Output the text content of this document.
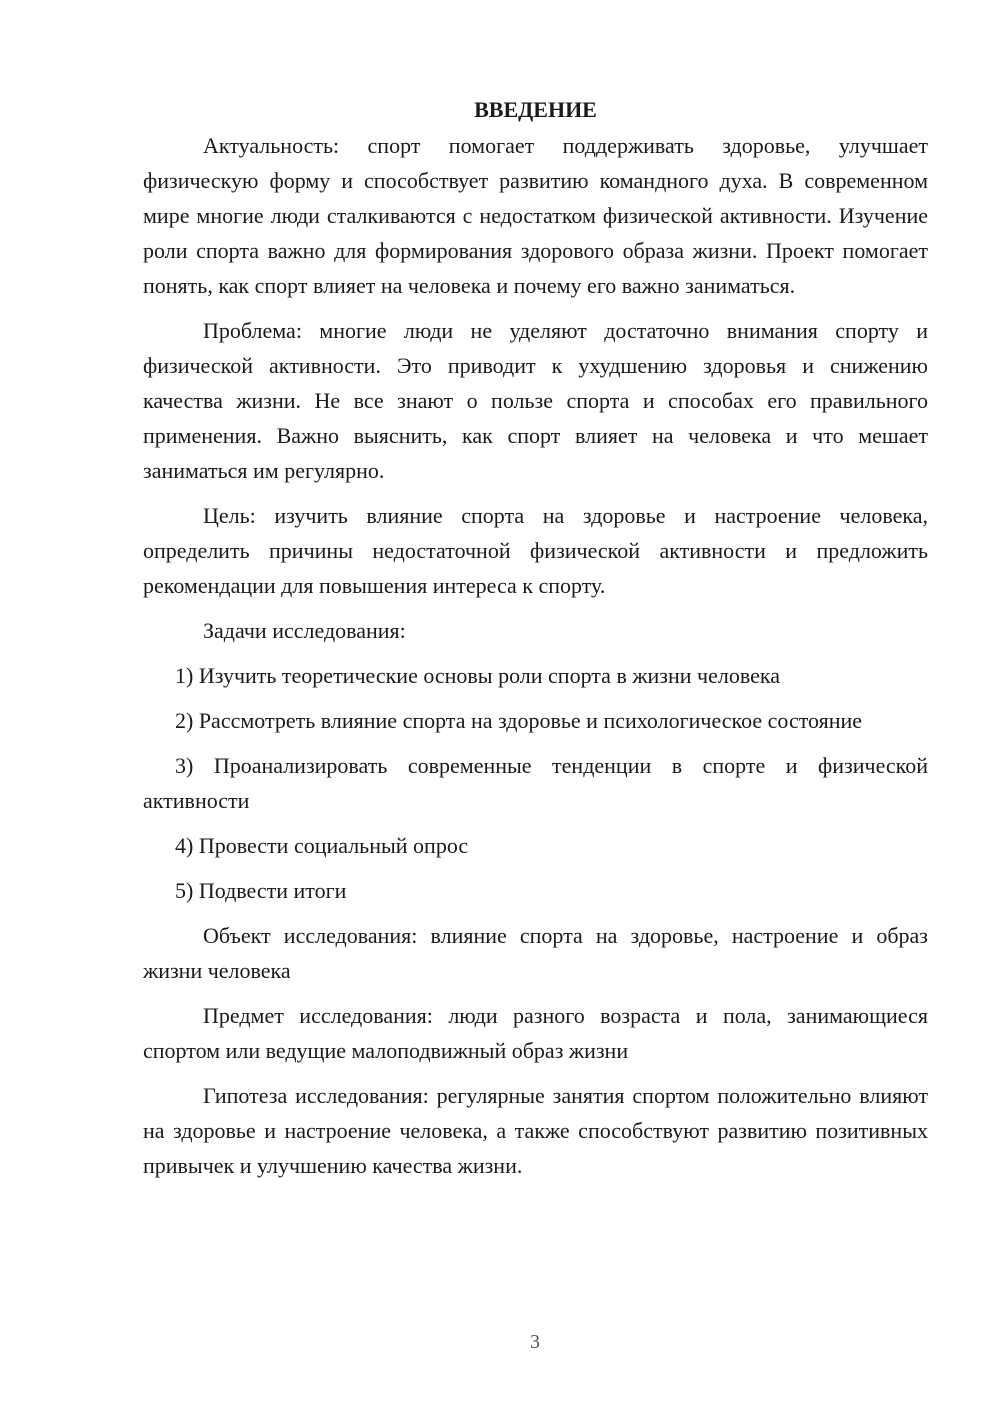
ВВЕДЕНИЕ

Актуальность: спорт помогает поддерживать здоровье, улучшает физическую форму и способствует развитию командного духа. В современном мире многие люди сталкиваются с недостатком физической активности. Изучение роли спорта важно для формирования здорового образа жизни. Проект помогает понять, как спорт влияет на человека и почему его важно заниматься.

Проблема: многие люди не уделяют достаточно внимания спорту и физической активности. Это приводит к ухудшению здоровья и снижению качества жизни. Не все знают о пользе спорта и способах его правильного применения. Важно выяснить, как спорт влияет на человека и что мешает заниматься им регулярно.

Цель: изучить влияние спорта на здоровье и настроение человека, определить причины недостаточной физической активности и предложить рекомендации для повышения интереса к спорту.

Задачи исследования:

1) Изучить теоретические основы роли спорта в жизни человека

2) Рассмотреть влияние спорта на здоровье и психологическое состояние

3) Проанализировать современные тенденции в спорте и физической активности

4) Провести социальный опрос

5) Подвести итоги

Объект исследования: влияние спорта на здоровье, настроение и образ жизни человека

Предмет исследования: люди разного возраста и пола, занимающиеся спортом или ведущие малоподвижный образ жизни

Гипотеза исследования: регулярные занятия спортом положительно влияют на здоровье и настроение человека, а также способствуют развитию позитивных привычек и улучшению качества жизни.

3
